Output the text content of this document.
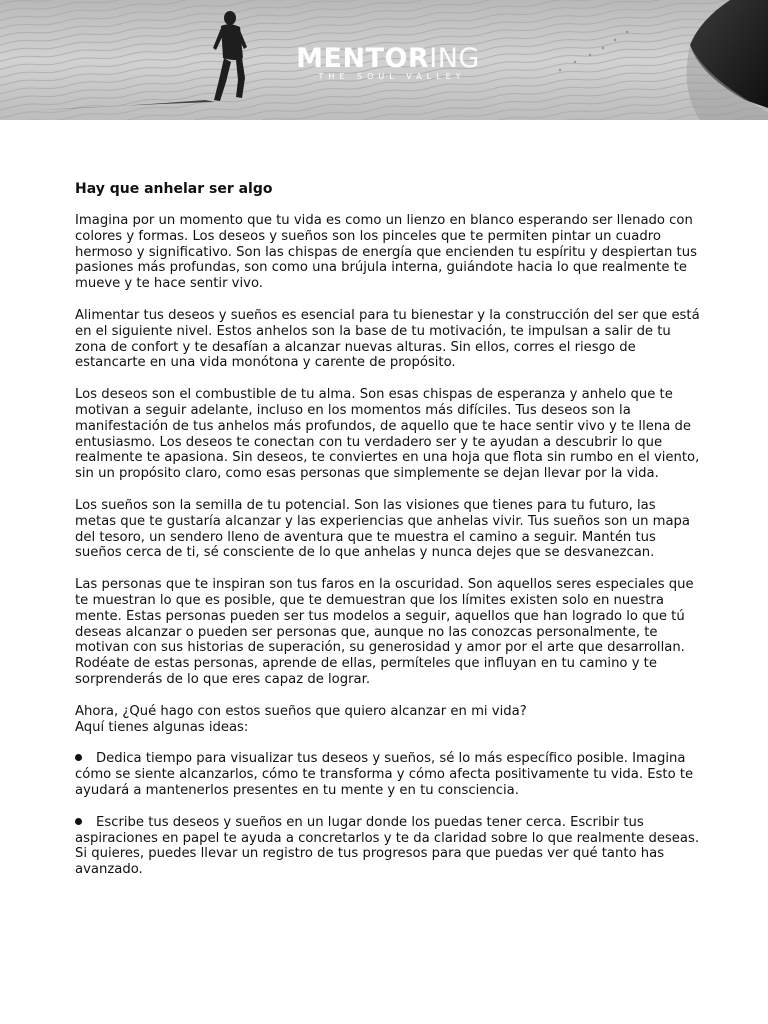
MENTORING
THE SOUL VALLEY
Hay que anhelar ser algo

Imagina por un momento que tu vida es como un lienzo en blanco esperando ser llenado con colores y formas. Los deseos y sueños son los pinceles que te permiten pintar un cuadro hermoso y significativo. Son las chispas de energía que encienden tu espíritu y despiertan tus pasiones más profundas, son como una brújula interna, guiándote hacia lo que realmente te mueve y te hace sentir vivo.

Alimentar tus deseos y sueños es esencial para tu bienestar y la construcción del ser que está en el siguiente nivel. Estos anhelos son la base de tu motivación, te impulsan a salir de tu zona de confort y te desafían a alcanzar nuevas alturas. Sin ellos, corres el riesgo de estancarte en una vida monótona y carente de propósito.

Los deseos son el combustible de tu alma. Son esas chispas de esperanza y anhelo que te motivan a seguir adelante, incluso en los momentos más difíciles. Tus deseos son la manifestación de tus anhelos más profundos, de aquello que te hace sentir vivo y te llena de entusiasmo. Los deseos te conectan con tu verdadero ser y te ayudan a descubrir lo que realmente te apasiona. Sin deseos, te conviertes en una hoja que flota sin rumbo en el viento, sin un propósito claro, como esas personas que simplemente se dejan llevar por la vida.

Los sueños son la semilla de tu potencial. Son las visiones que tienes para tu futuro, las metas que te gustaría alcanzar y las experiencias que anhelas vivir. Tus sueños son un mapa del tesoro, un sendero lleno de aventura que te muestra el camino a seguir. Mantén tus sueños cerca de ti, sé consciente de lo que anhelas y nunca dejes que se desvanezcan.

Las personas que te inspiran son tus faros en la oscuridad. Son aquellos seres especiales que te muestran lo que es posible, que te demuestran que los límites existen solo en nuestra mente. Estas personas pueden ser tus modelos a seguir, aquellos que han logrado lo que tú deseas alcanzar o pueden ser personas que, aunque no las conozcas personalmente, te motivan con sus historias de superación, su generosidad y amor por el arte que desarrollan. Rodéate de estas personas, aprende de ellas, permíteles que influyan en tu camino y te sorprenderás de lo que eres capaz de lograr.

Ahora, ¿Qué hago con estos sueños que quiero alcanzar en mi vida?
Aquí tienes algunas ideas:

Dedica tiempo para visualizar tus deseos y sueños, sé lo más específico posible. Imagina cómo se siente alcanzarlos, cómo te transforma y cómo afecta positivamente tu vida. Esto te ayudará a mantenerlos presentes en tu mente y en tu consciencia.
Escribe tus deseos y sueños en un lugar donde los puedas tener cerca. Escribir tus aspiraciones en papel te ayuda a concretarlos y te da claridad sobre lo que realmente deseas. Si quieres, puedes llevar un registro de tus progresos para que puedas ver qué tanto has avanzado.
